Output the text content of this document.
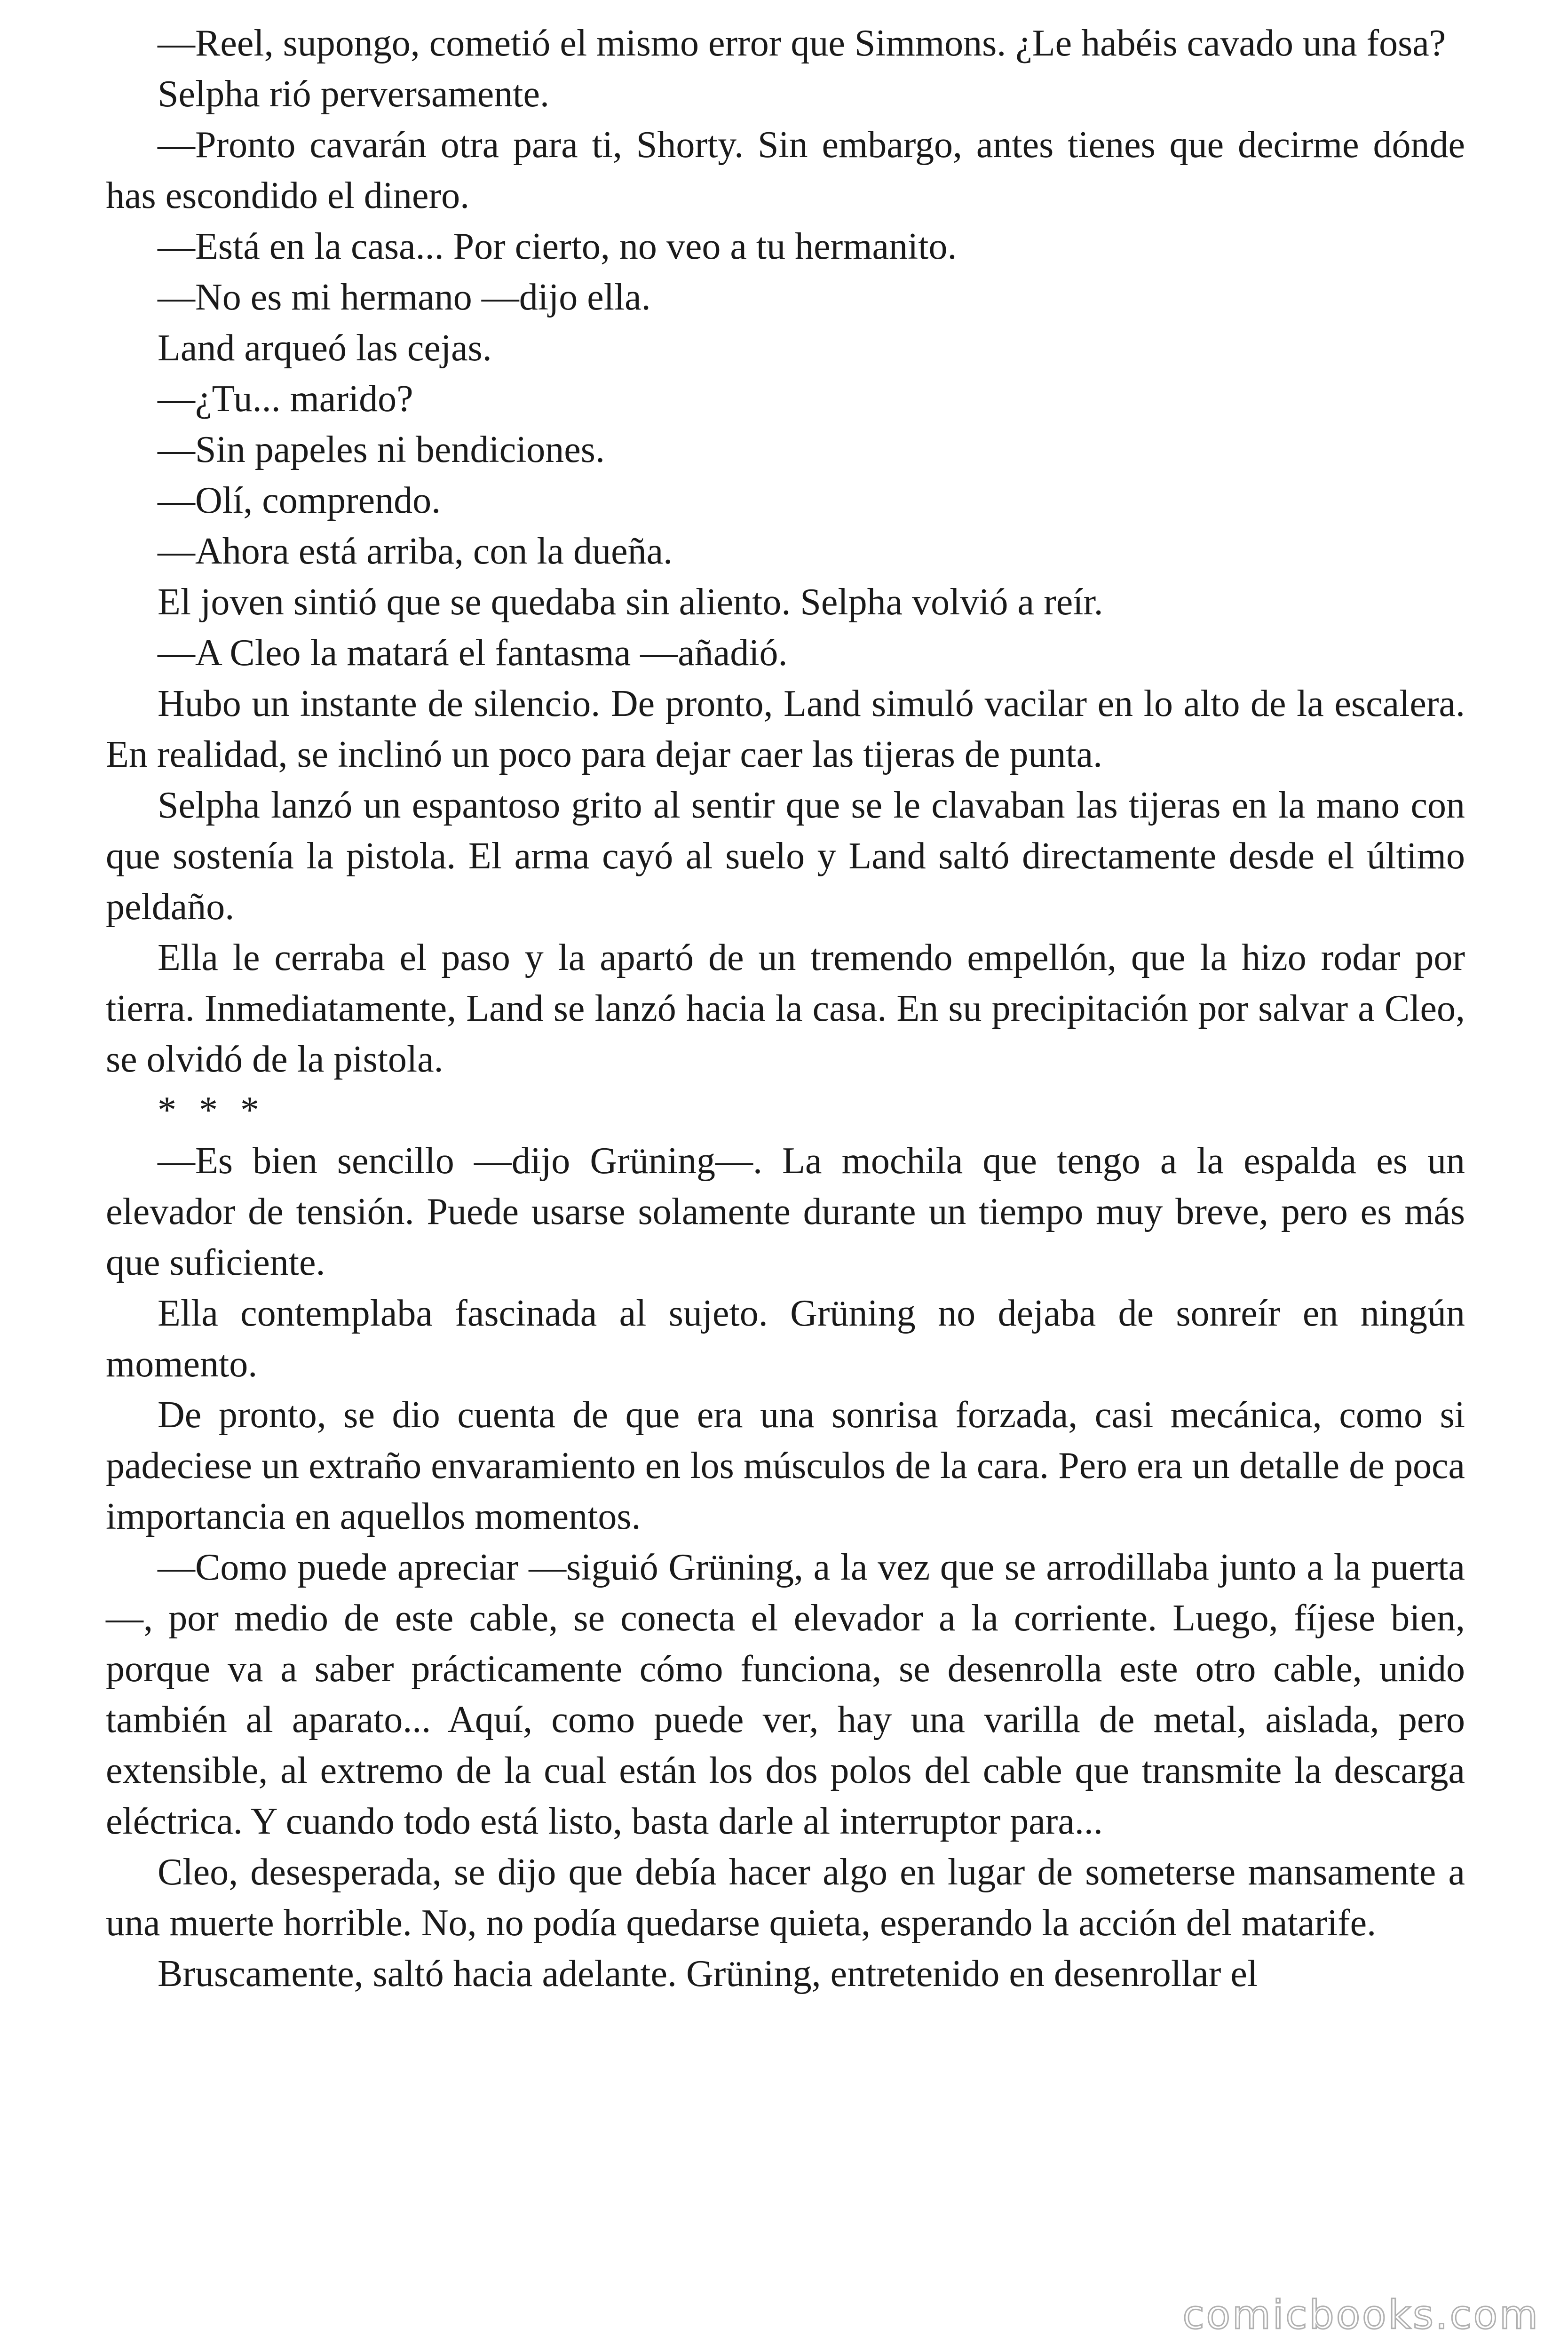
—Reel, supongo, cometió el mismo error que Simmons. ¿Le habéis cavado una fosa?

Selpha rió perversamente.

—Pronto cavarán otra para ti, Shorty. Sin embargo, antes tienes que decirme dónde has escondido el dinero.

—Está en la casa... Por cierto, no veo a tu hermanito.

—No es mi hermano —dijo ella.

Land arqueó las cejas.

—¿Tu... marido?

—Sin papeles ni bendiciones.

—Olí, comprendo.

—Ahora está arriba, con la dueña.

El joven sintió que se quedaba sin aliento. Selpha volvió a reír.

—A Cleo la matará el fantasma —añadió.

Hubo un instante de silencio. De pronto, Land simuló vacilar en lo alto de la escalera. En realidad, se inclinó un poco para dejar caer las tijeras de punta.

Selpha lanzó un espantoso grito al sentir que se le clavaban las tijeras en la mano con que sostenía la pistola. El arma cayó al suelo y Land saltó directamente desde el último peldaño.

Ella le cerraba el paso y la apartó de un tremendo empellón, que la hizo rodar por tierra. Inmediatamente, Land se lanzó hacia la casa. En su precipitación por salvar a Cleo, se olvidó de la pistola.

* * *

—Es bien sencillo —dijo Grüning—. La mochila que tengo a la espalda es un elevador de tensión. Puede usarse solamente durante un tiempo muy breve, pero es más que suficiente.

Ella contemplaba fascinada al sujeto. Grüning no dejaba de sonreír en ningún momento.

De pronto, se dio cuenta de que era una sonrisa forzada, casi mecánica, como si padeciese un extraño envaramiento en los músculos de la cara. Pero era un detalle de poca importancia en aquellos momentos.

—Como puede apreciar —siguió Grüning, a la vez que se arrodillaba junto a la puerta—, por medio de este cable, se conecta el elevador a la corriente. Luego, fíjese bien, porque va a saber prácticamente cómo funciona, se desenrolla este otro cable, unido también al aparato... Aquí, como puede ver, hay una varilla de metal, aislada, pero extensible, al extremo de la cual están los dos polos del cable que transmite la descarga eléctrica. Y cuando todo está listo, basta darle al interruptor para...

Cleo, desesperada, se dijo que debía hacer algo en lugar de someterse mansamente a una muerte horrible. No, no podía quedarse quieta, esperando la acción del matarife.

Bruscamente, saltó hacia adelante. Grüning, entretenido en desenrollar el

comicbooks.com
